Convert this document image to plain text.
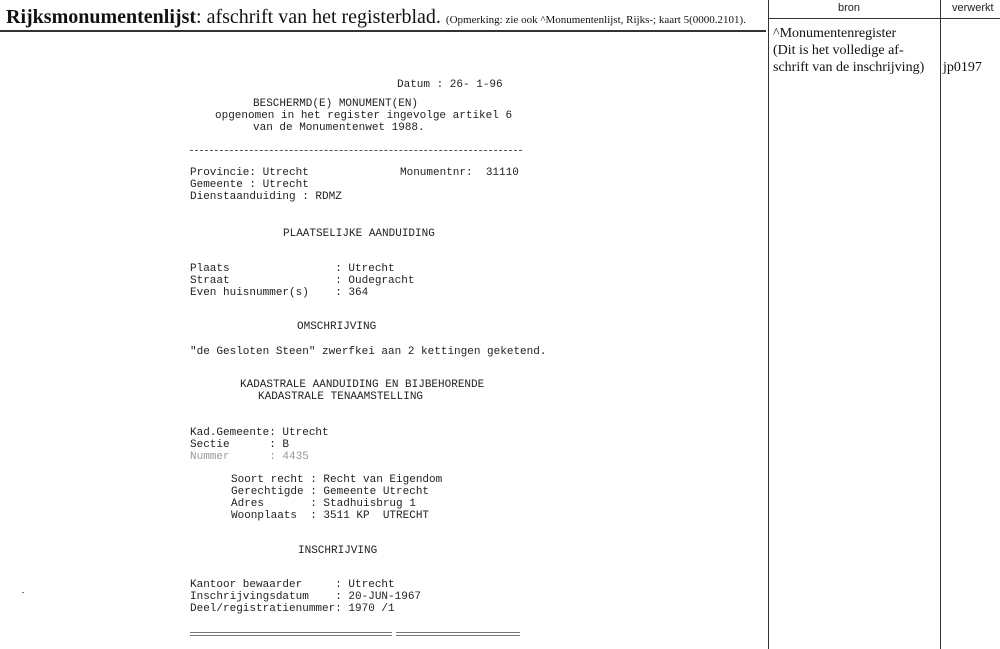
Rijksmonumentenlijst: afschrift van het registerblad. (Opmerking: zie ook ^Monumentenlijst, Rijks-; kaart 5(0000.2101).
bron	verwerkt
^Monumentenregister
(Dit is het volledige af-
schrift van de inschrijving) jp0197
Datum : 26- 1-96
BESCHERMD(E) MONUMENT(EN)
opgenomen in het register ingevolge artikel 6
van de Monumentenwet 1988.
Provincie: Utrecht	Monumentnr:  31110
Gemeente : Utrecht
Dienstaanduiding : RDMZ
PLAATSELIJKE AANDUIDING
Plaats                : Utrecht
Straat                : Oudegracht
Even huisnummer(s)    : 364
OMSCHRIJVING
"de Gesloten Steen" zwerfkei aan 2 kettingen geketend.
KADASTRALE AANDUIDING EN BIJBEHORENDE
KADASTRALE TENAAMSTELLING
Kad.Gemeente: Utrecht
Sectie      : B
Nummer      : 4435
Soort recht : Recht van Eigendom
Gerechtigde : Gemeente Utrecht
Adres       : Stadhuisbrug 1
Woonplaats  : 3511 KP  UTRECHT
INSCHRIJVING
Kantoor bewaarder     : Utrecht
Inschrijvingsdatum    : 20-JUN-1967
Deel/registratienummer: 1970 /1
